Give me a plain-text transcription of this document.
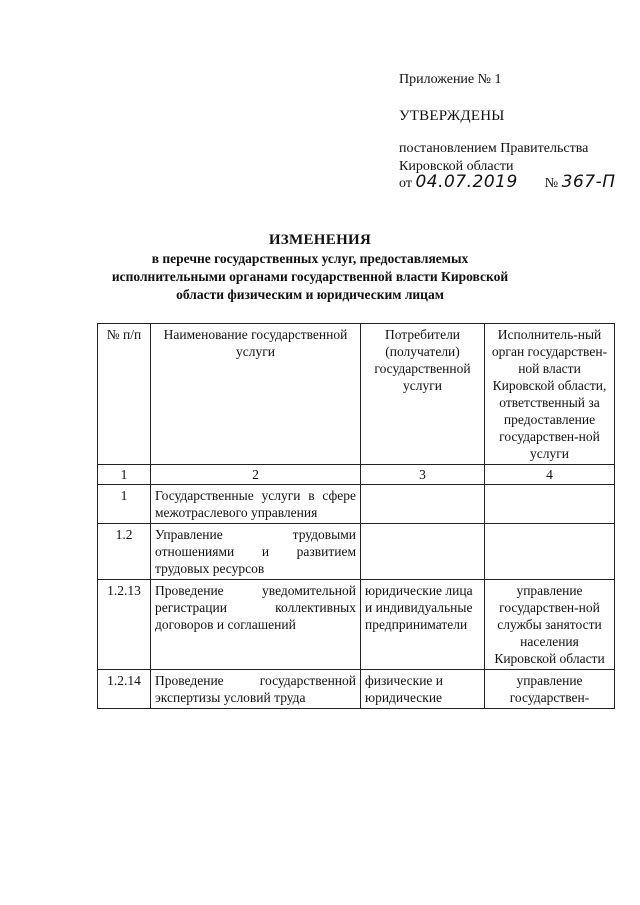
Приложение № 1
УТВЕРЖДЕНЫ
постановлением Правительства
Кировской области
от 04.07.2019 № 367-П
ИЗМЕНЕНИЯ
в перечне государственных услуг, предоставляемых исполнительными органами государственной власти Кировской области физическим и юридическим лицам
№ п/п	Наименование государственной услуги	Потребители (получатели) государственной услуги	Исполнитель-ный орган государствен-ной власти Кировской области, ответственный за предоставление государствен-ной услуги
1	2	3	4
1	Государственные услуги в сфере межотраслевого управления		
1.2	Управление трудовыми отношениями и развитием трудовых ресурсов		
1.2.13	Проведение уведомительной регистрации коллективных договоров и соглашений	юридические лица и индивидуальные предприниматели	управление государствен-ной службы занятости населения Кировской области
1.2.14	Проведение государственной экспертизы условий труда	физические и юридические	управление государствен-
